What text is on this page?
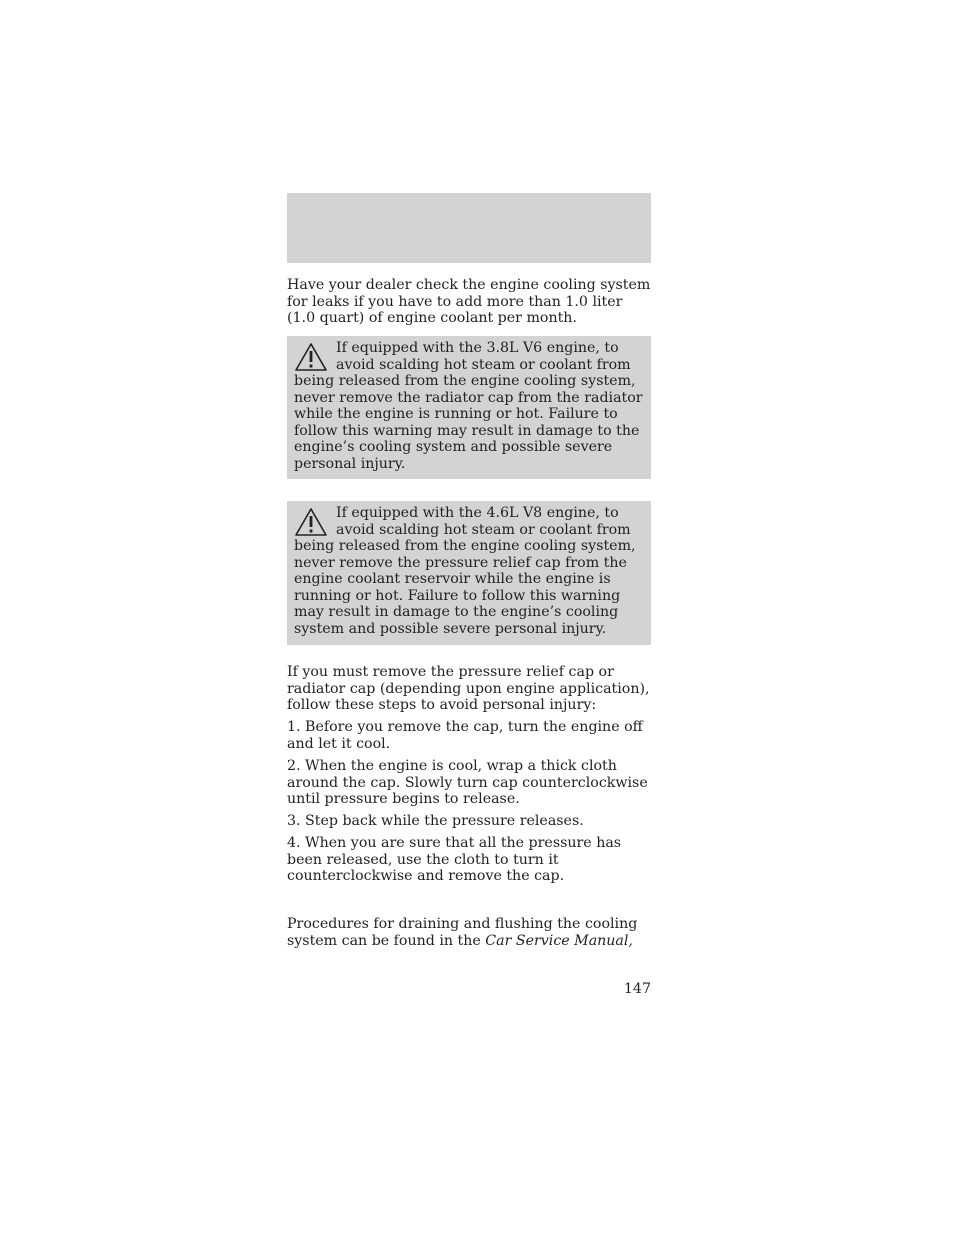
Have your dealer check the engine cooling system for leaks if you have to add more than 1.0 liter (1.0 quart) of engine coolant per month.

If equipped with the 3.8L V6 engine, to avoid scalding hot steam or coolant from being released from the engine cooling system, never remove the radiator cap from the radiator while the engine is running or hot. Failure to follow this warning may result in damage to the engine’s cooling system and possible severe personal injury.

If equipped with the 4.6L V8 engine, to avoid scalding hot steam or coolant from being released from the engine cooling system, never remove the pressure relief cap from the engine coolant reservoir while the engine is running or hot. Failure to follow this warning may result in damage to the engine’s cooling system and possible severe personal injury.

If you must remove the pressure relief cap or radiator cap (depending upon engine application), follow these steps to avoid personal injury:

1. Before you remove the cap, turn the engine off and let it cool.

2. When the engine is cool, wrap a thick cloth around the cap. Slowly turn cap counterclockwise until pressure begins to release.

3. Step back while the pressure releases.

4. When you are sure that all the pressure has been released, use the cloth to turn it counterclockwise and remove the cap.

Procedures for draining and flushing the cooling system can be found in the Car Service Manual,

147
